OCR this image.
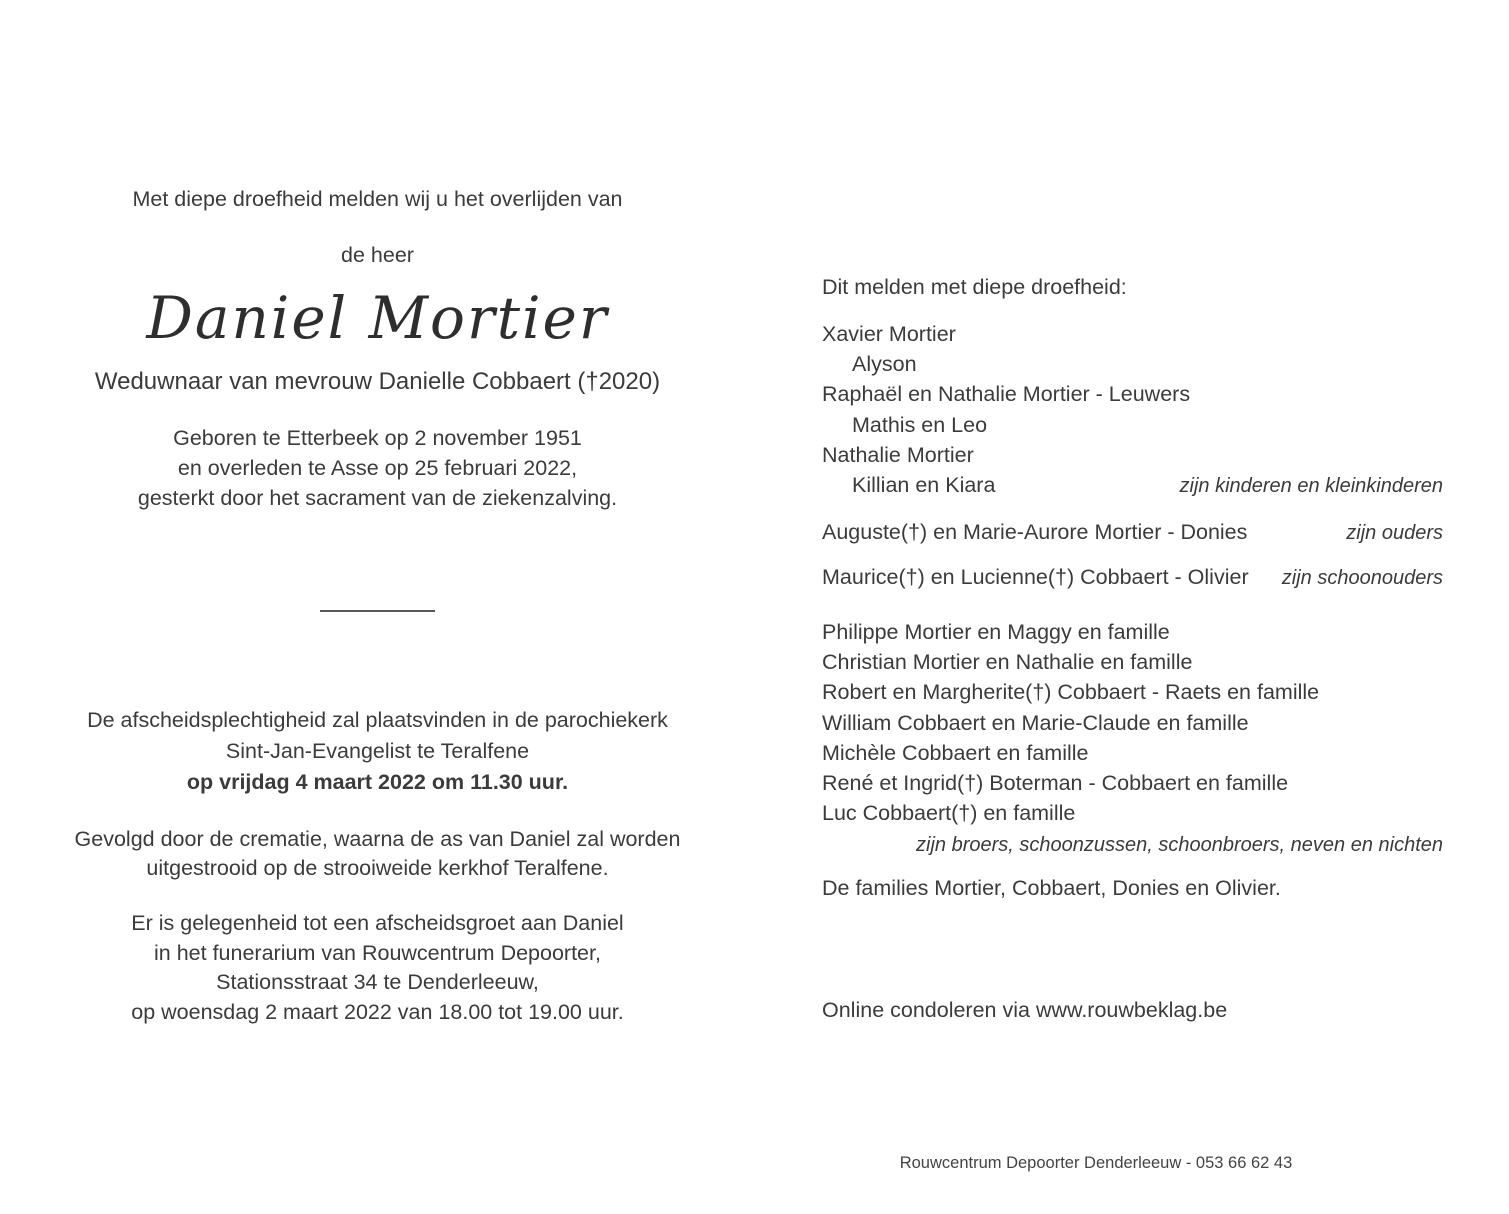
Met diepe droefheid melden wij u het overlijden van

de heer

Daniel Mortier

Weduwnaar van mevrouw Danielle Cobbaert (†2020)

Geboren te Etterbeek op 2 november 1951

en overleden te Asse op 25 februari 2022,

gesterkt door het sacrament van de ziekenzalving.

De afscheidsplechtigheid zal plaatsvinden in de parochiekerk

Sint-Jan-Evangelist te Teralfene

op vrijdag 4 maart 2022 om 11.30 uur.

Gevolgd door de crematie, waarna de as van Daniel zal worden

uitgestrooid op de strooiweide kerkhof Teralfene.

Er is gelegenheid tot een afscheidsgroet aan Daniel

in het funerarium van Rouwcentrum Depoorter,

Stationsstraat 34 te Denderleeuw,

op woensdag 2 maart 2022 van 18.00 tot 19.00 uur.

Dit melden met diepe droefheid:

Xavier Mortier
Alyson
Raphaël en Nathalie Mortier - Leuwers
Mathis en Leo
Nathalie Mortier
Killian en Kiara	zijn kinderen en kleinkinderen
Auguste(†) en Marie-Aurore Mortier - Donies	zijn ouders
Maurice(†) en Lucienne(†) Cobbaert - Olivier zijn schoonouders
Philippe Mortier en Maggy en famille
Christian Mortier en Nathalie en famille
Robert en Margherite(†) Cobbaert - Raets en famille
William Cobbaert en Marie-Claude en famille
Michèle Cobbaert en famille
René et Ingrid(†) Boterman - Cobbaert en famille
Luc Cobbaert(†) en famille

zijn broers, schoonzussen, schoonbroers, neven en nichten

De families Mortier, Cobbaert, Donies en Olivier.

Online condoleren via www.rouwbeklag.be

Rouwcentrum Depoorter Denderleeuw - 053 66 62 43
